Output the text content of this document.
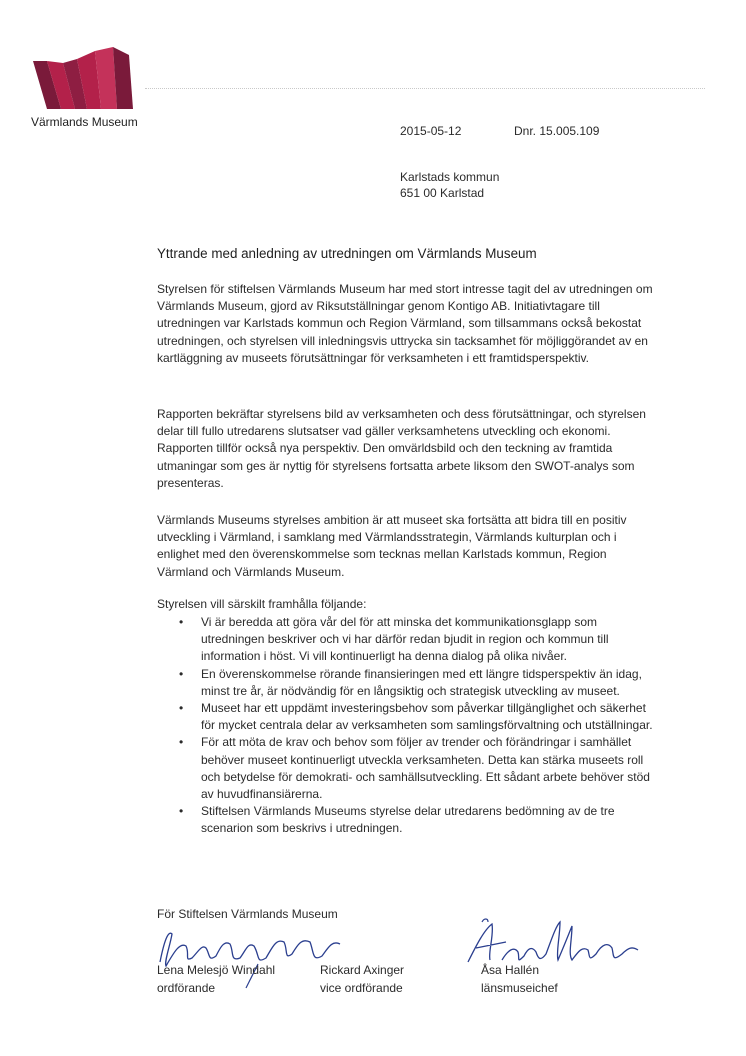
Värmlands Museum
2015-05-12	Dnr. 15.005.109
Karlstads kommun
651 00 Karlstad
Yttrande med anledning av utredningen om Värmlands Museum

Styrelsen för stiftelsen Värmlands Museum har med stort intresse tagit del av utredningen om Värmlands Museum, gjord av Riksutställningar genom Kontigo AB. Initiativtagare till utredningen var Karlstads kommun och Region Värmland, som tillsammans också bekostat utredningen, och styrelsen vill inledningsvis uttrycka sin tacksamhet för möjliggörandet av en kartläggning av museets förutsättningar för verksamheten i ett framtidsperspektiv.

Rapporten bekräftar styrelsens bild av verksamheten och dess förutsättningar, och styrelsen delar till fullo utredarens slutsatser vad gäller verksamhetens utveckling och ekonomi. Rapporten tillför också nya perspektiv. Den omvärldsbild och den teckning av framtida utmaningar som ges är nyttig för styrelsens fortsatta arbete liksom den SWOT-analys som presenteras.

Värmlands Museums styrelses ambition är att museet ska fortsätta att bidra till en positiv utveckling i Värmland, i samklang med Värmlandsstrategin, Värmlands kulturplan och i enlighet med den överenskommelse som tecknas mellan Karlstads kommun, Region Värmland och Värmlands Museum.

Styrelsen vill särskilt framhålla följande:
• Vi är beredda att göra vår del för att minska det kommunikationsglapp som utredningen beskriver och vi har därför redan bjudit in region och kommun till information i höst. Vi vill kontinuerligt ha denna dialog på olika nivåer.
• En överenskommelse rörande finansieringen med ett längre tidsperspektiv än idag, minst tre år, är nödvändig för en långsiktig och strategisk utveckling av museet.
• Museet har ett uppdämt investeringsbehov som påverkar tillgänglighet och säkerhet för mycket centrala delar av verksamheten som samlingsförvaltning och utställningar.
• För att möta de krav och behov som följer av trender och förändringar i samhället behöver museet kontinuerligt utveckla verksamheten. Detta kan stärka museets roll och betydelse för demokrati- och samhällsutveckling. Ett sådant arbete behöver stöd av huvudfinansiärerna.
• Stiftelsen Värmlands Museums styrelse delar utredarens bedömning av de tre scenarion som beskrivs i utredningen.
För Stiftelsen Värmlands Museum
Lena Melesjö Windahl
ordförande
Rickard Axinger
vice ordförande
Åsa Hallén
länsmuseichef
